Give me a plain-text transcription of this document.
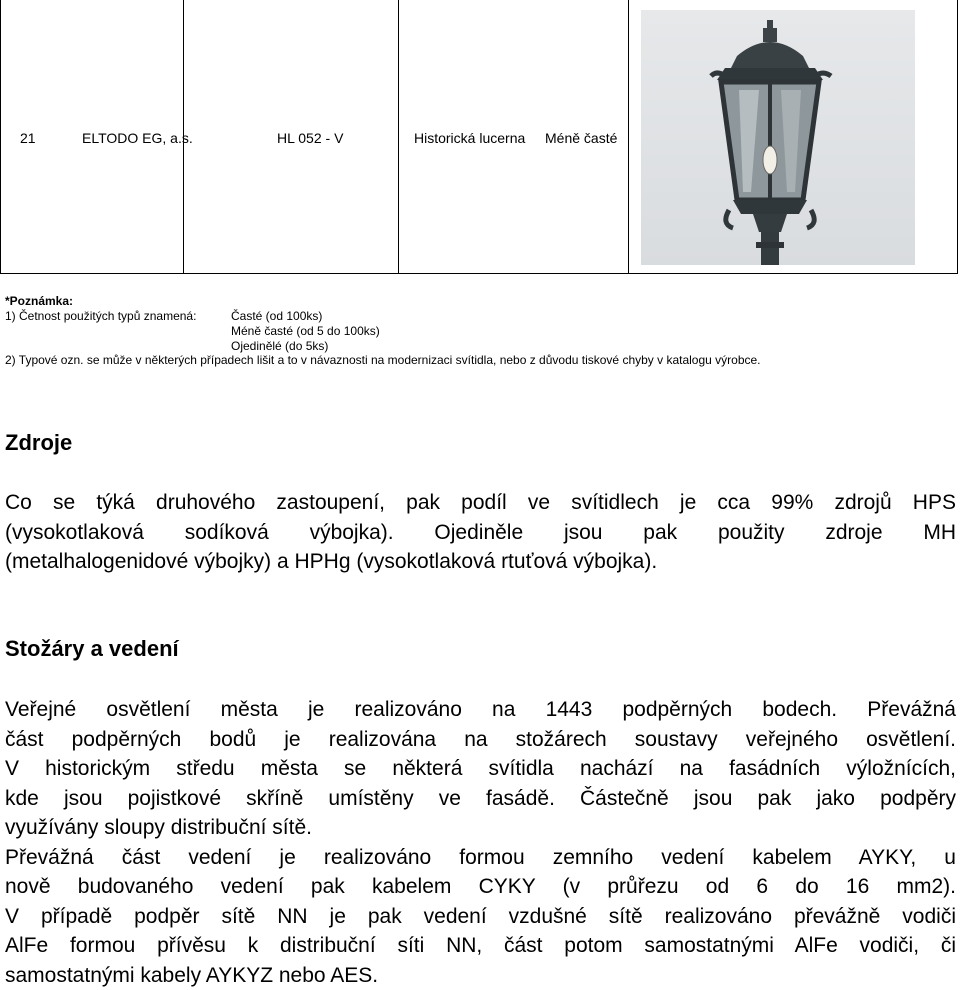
21	ELTODO EG, a.s.	HL 052 - V	Historická lucerna Méně časté
*Poznámka:
1) Četnost použitých typů znamená:	Časté (od 100ks)
Méně časté (od 5 do 100ks)
Ojedinělé (do 5ks)
2) Typové ozn. se může v některých případech lišit a to v návaznosti na modernizaci svítidla, nebo z důvodu tiskové chyby v katalogu výrobce.
Zdroje
Co se týká druhového zastoupení, pak podíl ve svítidlech je cca 99% zdrojů HPS
(vysokotlaková sodíková výbojka). Ojediněle jsou pak použity zdroje MH
(metalhalogenidové výbojky) a HPHg (vysokotlaková rtuťová výbojka).
Stožáry a vedení
Veřejné osvětlení města je realizováno na 1443 podpěrných bodech. Převážná
část podpěrných bodů je realizována na stožárech soustavy veřejného osvětlení.
V historickým středu města se některá svítidla nachází na fasádních výložnících,
kde jsou pojistkové skříně umístěny ve fasádě. Částečně jsou pak jako podpěry
využívány sloupy distribuční sítě.
Převážná část vedení je realizováno formou zemního vedení kabelem AYKY, u
nově budovaného vedení pak kabelem CYKY (v průřezu od 6 do 16 mm2).
V případě podpěr sítě NN je pak vedení vzdušné sítě realizováno převážně vodiči
AlFe formou přívěsu k distribuční síti NN, část potom samostatnými AlFe vodiči, či
samostatnými kabely AYKYZ nebo AES.
